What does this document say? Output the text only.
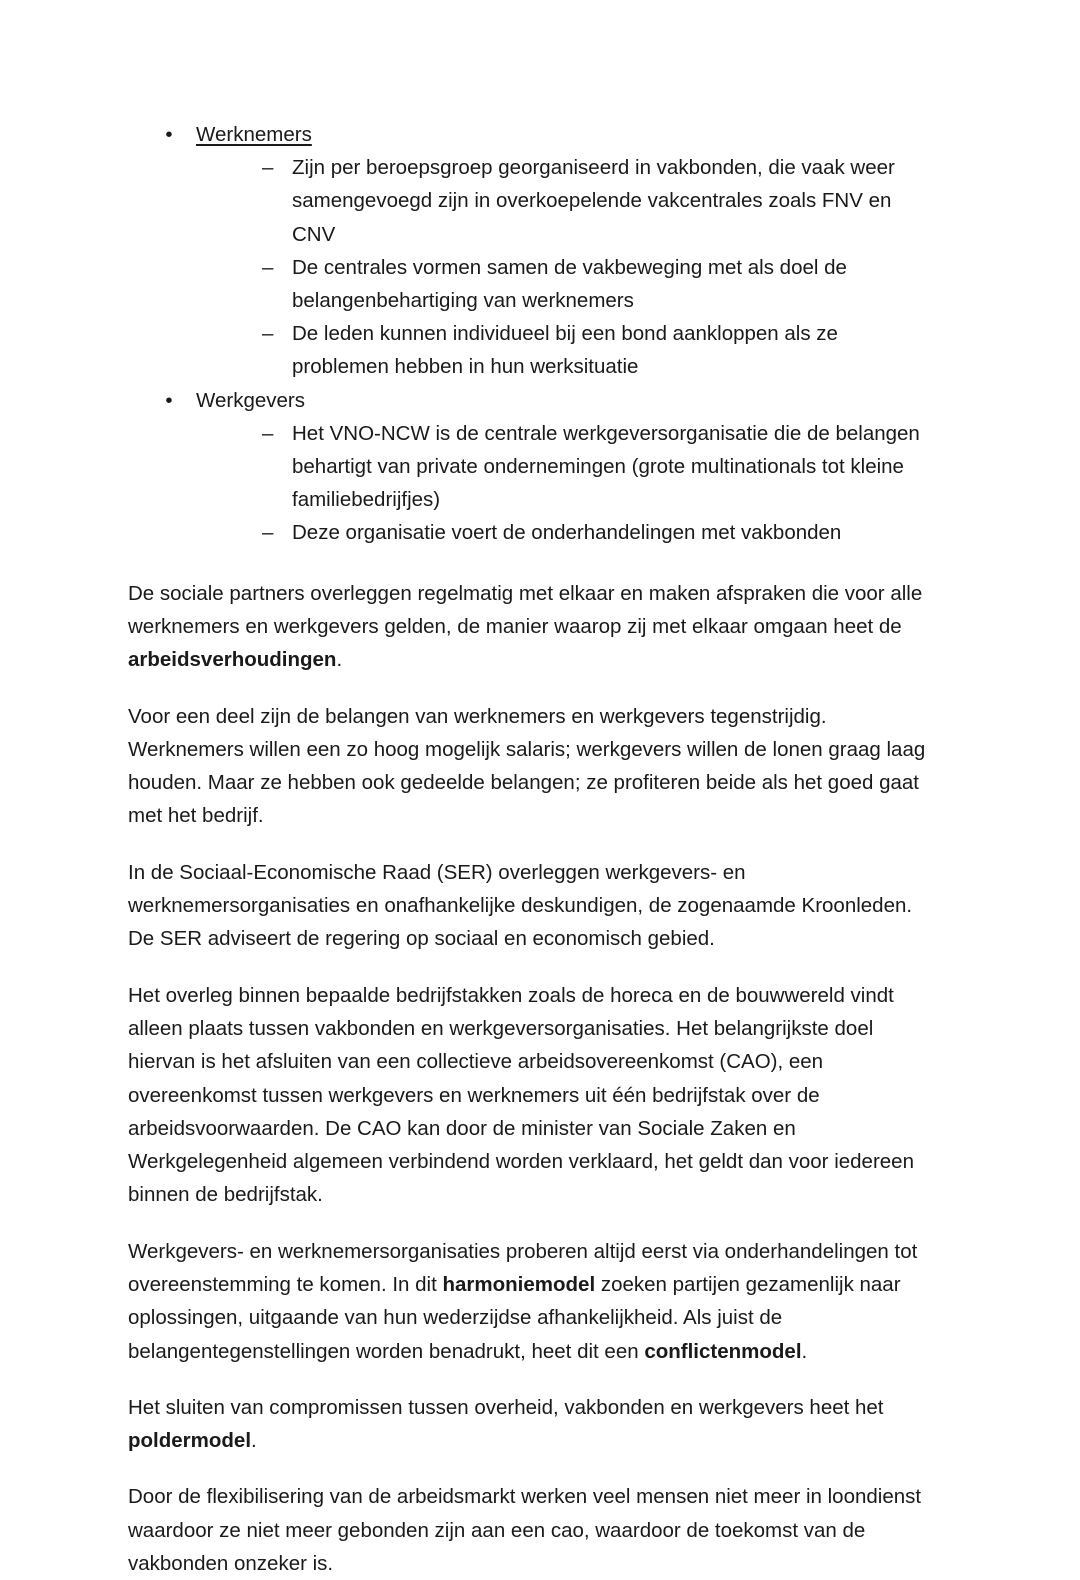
• Werknemers
– Zijn per beroepsgroep georganiseerd in vakbonden, die vaak weer samengevoegd zijn in overkoepelende vakcentrales zoals FNV en CNV
– De centrales vormen samen de vakbeweging met als doel de belangenbehartiging van werknemers
– De leden kunnen individueel bij een bond aankloppen als ze problemen hebben in hun werksituatie
• Werkgevers
– Het VNO-NCW is de centrale werkgeversorganisatie die de belangen behartigt van private ondernemingen (grote multinationals tot kleine familiebedrijfjes)
– Deze organisatie voert de onderhandelingen met vakbonden

De sociale partners overleggen regelmatig met elkaar en maken afspraken die voor alle werknemers en werkgevers gelden, de manier waarop zij met elkaar omgaan heet de arbeidsverhoudingen.

Voor een deel zijn de belangen van werknemers en werkgevers tegenstrijdig. Werknemers willen een zo hoog mogelijk salaris; werkgevers willen de lonen graag laag houden. Maar ze hebben ook gedeelde belangen; ze profiteren beide als het goed gaat met het bedrijf.

In de Sociaal-Economische Raad (SER) overleggen werkgevers- en werknemersorganisaties en onafhankelijke deskundigen, de zogenaamde Kroonleden. De SER adviseert de regering op sociaal en economisch gebied.

Het overleg binnen bepaalde bedrijfstakken zoals de horeca en de bouwwereld vindt alleen plaats tussen vakbonden en werkgeversorganisaties. Het belangrijkste doel hiervan is het afsluiten van een collectieve arbeidsovereenkomst (CAO), een overeenkomst tussen werkgevers en werknemers uit één bedrijfstak over de arbeidsvoorwaarden. De CAO kan door de minister van Sociale Zaken en Werkgelegenheid algemeen verbindend worden verklaard, het geldt dan voor iedereen binnen de bedrijfstak.

Werkgevers- en werknemersorganisaties proberen altijd eerst via onderhandelingen tot overeenstemming te komen. In dit harmoniemodel zoeken partijen gezamenlijk naar oplossingen, uitgaande van hun wederzijdse afhankelijkheid. Als juist de belangentegenstellingen worden benadrukt, heet dit een conflictenmodel.

Het sluiten van compromissen tussen overheid, vakbonden en werkgevers heet het poldermodel.

Door de flexibilisering van de arbeidsmarkt werken veel mensen niet meer in loondienst waardoor ze niet meer gebonden zijn aan een cao, waardoor de toekomst van de vakbonden onzeker is.
